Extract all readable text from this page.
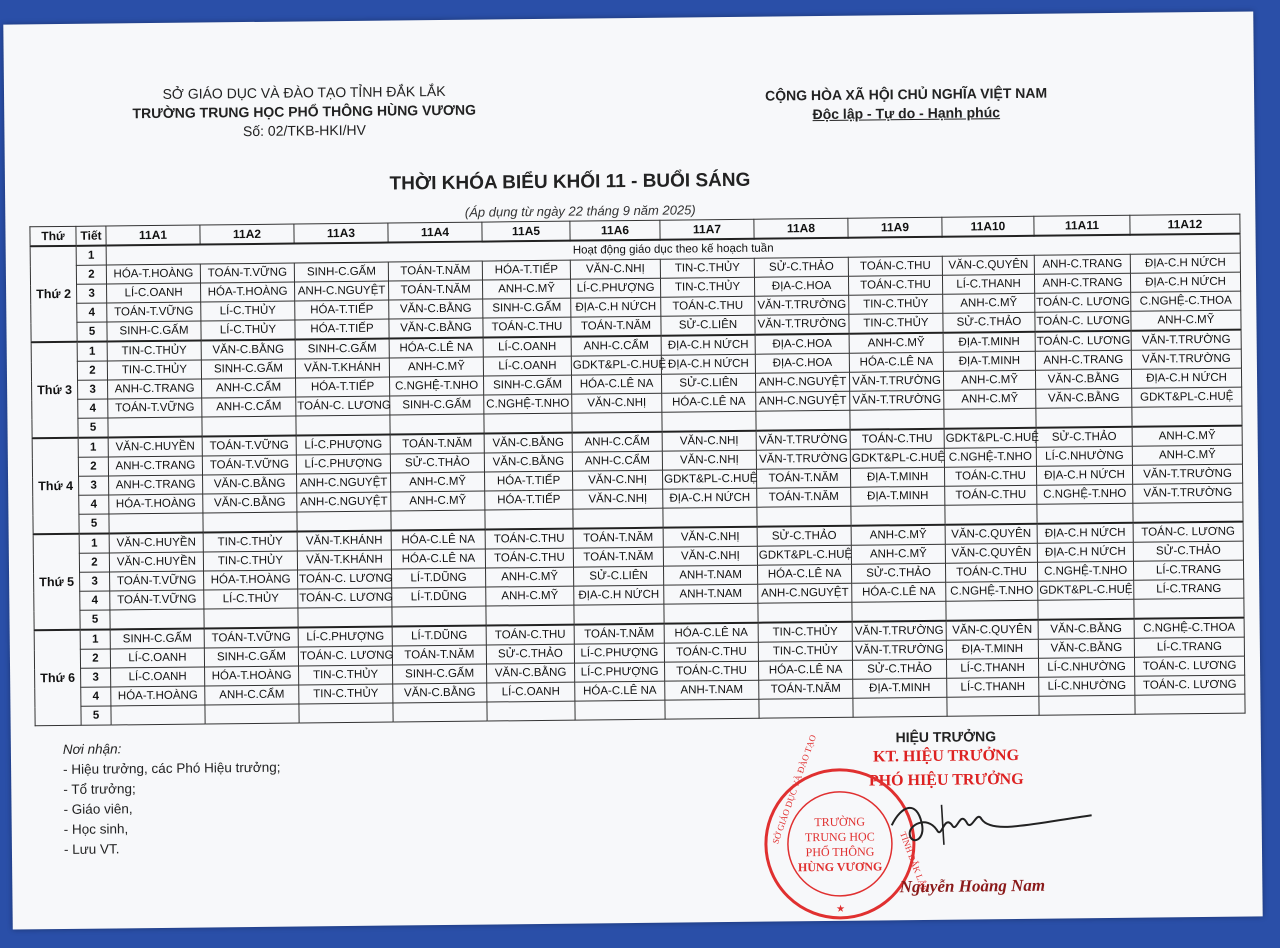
SỞ GIÁO DỤC VÀ ĐÀO TẠO TỈNH ĐẮK LẮK
TRƯỜNG TRUNG HỌC PHỔ THÔNG HÙNG VƯƠNG
Số: 02/TKB-HKI/HV
CỘNG HÒA XÃ HỘI CHỦ NGHĨA VIỆT NAM
Độc lập - Tự do - Hạnh phúc
THỜI KHÓA BIỂU KHỐI 11 - BUỔI SÁNG
(Áp dụng từ ngày 22 tháng 9 năm 2025)
Thứ	Tiết	11A1	11A2	11A3	11A4	11A5	11A6	11A7	11A8	11A9	11A10	11A11	11A12
Thứ 2	1	Hoạt động giáo dục theo kế hoạch tuần											
	2	HÓA-T.HOÀNG	TOÁN-T.VỮNG	SINH-C.GẤM	TOÁN-T.NĂM	HÓA-T.TIẾP	VĂN-C.NHỊ	TIN-C.THỦY	SỬ-C.THẢO	TOÁN-C.THU	VĂN-C.QUYÊN	ANH-C.TRANG	ĐỊA-C.H NỨCH
	3	LÍ-C.OANH	HÓA-T.HOÀNG	ANH-C.NGUYỆT	TOÁN-T.NĂM	ANH-C.MỸ	LÍ-C.PHƯỢNG	TIN-C.THỦY	ĐỊA-C.HOA	TOÁN-C.THU	LÍ-C.THANH	ANH-C.TRANG	ĐỊA-C.H NỨCH
	4	TOÁN-T.VỮNG	LÍ-C.THỦY	HÓA-T.TIẾP	VĂN-C.BẰNG	SINH-C.GẤM	ĐỊA-C.H NỨCH	TOÁN-C.THU	VĂN-T.TRƯỜNG	TIN-C.THỦY	ANH-C.MỸ	TOÁN-C. LƯƠNG	C.NGHỆ-C.THOA
	5	SINH-C.GẤM	LÍ-C.THỦY	HÓA-T.TIẾP	VĂN-C.BẰNG	TOÁN-C.THU	TOÁN-T.NĂM	SỬ-C.LIÊN	VĂN-T.TRƯỜNG	TIN-C.THỦY	SỬ-C.THẢO	TOÁN-C. LƯƠNG	ANH-C.MỸ
Thứ 3	1	TIN-C.THỦY	VĂN-C.BẰNG	SINH-C.GẤM	HÓA-C.LÊ NA	LÍ-C.OANH	ANH-C.CẨM	ĐỊA-C.H NỨCH	ĐỊA-C.HOA	ANH-C.MỸ	ĐỊA-T.MINH	TOÁN-C. LƯƠNG	VĂN-T.TRƯỜNG
	2	TIN-C.THỦY	SINH-C.GẤM	VĂN-T.KHÁNH	ANH-C.MỸ	LÍ-C.OANH	GDKT&PL-C.HUỆ	ĐỊA-C.H NỨCH	ĐỊA-C.HOA	HÓA-C.LÊ NA	ĐỊA-T.MINH	ANH-C.TRANG	VĂN-T.TRƯỜNG
	3	ANH-C.TRANG	ANH-C.CẨM	HÓA-T.TIẾP	C.NGHỆ-T.NHO	SINH-C.GẤM	HÓA-C.LÊ NA	SỬ-C.LIÊN	ANH-C.NGUYỆT	VĂN-T.TRƯỜNG	ANH-C.MỸ	VĂN-C.BẰNG	ĐỊA-C.H NỨCH
	4	TOÁN-T.VỮNG	ANH-C.CẨM	TOÁN-C. LƯƠNG	SINH-C.GẤM	C.NGHỆ-T.NHO	VĂN-C.NHỊ	HÓA-C.LÊ NA	ANH-C.NGUYỆT	VĂN-T.TRƯỜNG	ANH-C.MỸ	VĂN-C.BẰNG	GDKT&PL-C.HUỆ
	5												
Thứ 4	1	VĂN-C.HUYỀN	TOÁN-T.VỮNG	LÍ-C.PHƯỢNG	TOÁN-T.NĂM	VĂN-C.BẰNG	ANH-C.CẨM	VĂN-C.NHỊ	VĂN-T.TRƯỜNG	TOÁN-C.THU	GDKT&PL-C.HUỆ	SỬ-C.THẢO	ANH-C.MỸ
	2	ANH-C.TRANG	TOÁN-T.VỮNG	LÍ-C.PHƯỢNG	SỬ-C.THẢO	VĂN-C.BẰNG	ANH-C.CẨM	VĂN-C.NHỊ	VĂN-T.TRƯỜNG	GDKT&PL-C.HUỆ	C.NGHỆ-T.NHO	LÍ-C.NHƯỜNG	ANH-C.MỸ
	3	ANH-C.TRANG	VĂN-C.BẰNG	ANH-C.NGUYỆT	ANH-C.MỸ	HÓA-T.TIẾP	VĂN-C.NHỊ	GDKT&PL-C.HUỆ	TOÁN-T.NĂM	ĐỊA-T.MINH	TOÁN-C.THU	ĐỊA-C.H NỨCH	VĂN-T.TRƯỜNG
	4	HÓA-T.HOÀNG	VĂN-C.BẰNG	ANH-C.NGUYỆT	ANH-C.MỸ	HÓA-T.TIẾP	VĂN-C.NHỊ	ĐỊA-C.H NỨCH	TOÁN-T.NĂM	ĐỊA-T.MINH	TOÁN-C.THU	C.NGHỆ-T.NHO	VĂN-T.TRƯỜNG
	5												
Thứ 5	1	VĂN-C.HUYỀN	TIN-C.THỦY	VĂN-T.KHÁNH	HÓA-C.LÊ NA	TOÁN-C.THU	TOÁN-T.NĂM	VĂN-C.NHỊ	SỬ-C.THẢO	ANH-C.MỸ	VĂN-C.QUYÊN	ĐỊA-C.H NỨCH	TOÁN-C. LƯƠNG
	2	VĂN-C.HUYỀN	TIN-C.THỦY	VĂN-T.KHÁNH	HÓA-C.LÊ NA	TOÁN-C.THU	TOÁN-T.NĂM	VĂN-C.NHỊ	GDKT&PL-C.HUỆ	ANH-C.MỸ	VĂN-C.QUYÊN	ĐỊA-C.H NỨCH	SỬ-C.THẢO
	3	TOÁN-T.VỮNG	HÓA-T.HOÀNG	TOÁN-C. LƯƠNG	LÍ-T.DŨNG	ANH-C.MỸ	SỬ-C.LIÊN	ANH-T.NAM	HÓA-C.LÊ NA	SỬ-C.THẢO	TOÁN-C.THU	C.NGHỆ-T.NHO	LÍ-C.TRANG
	4	TOÁN-T.VỮNG	LÍ-C.THỦY	TOÁN-C. LƯƠNG	LÍ-T.DŨNG	ANH-C.MỸ	ĐỊA-C.H NỨCH	ANH-T.NAM	ANH-C.NGUYỆT	HÓA-C.LÊ NA	C.NGHỆ-T.NHO	GDKT&PL-C.HUỆ	LÍ-C.TRANG
	5												
Thứ 6	1	SINH-C.GẤM	TOÁN-T.VỮNG	LÍ-C.PHƯỢNG	LÍ-T.DŨNG	TOÁN-C.THU	TOÁN-T.NĂM	HÓA-C.LÊ NA	TIN-C.THỦY	VĂN-T.TRƯỜNG	VĂN-C.QUYÊN	VĂN-C.BẰNG	C.NGHỆ-C.THOA
	2	LÍ-C.OANH	SINH-C.GẤM	TOÁN-C. LƯƠNG	TOÁN-T.NĂM	SỬ-C.THẢO	LÍ-C.PHƯỢNG	TOÁN-C.THU	TIN-C.THỦY	VĂN-T.TRƯỜNG	ĐỊA-T.MINH	VĂN-C.BẰNG	LÍ-C.TRANG
	3	LÍ-C.OANH	HÓA-T.HOÀNG	TIN-C.THỦY	SINH-C.GẤM	VĂN-C.BẰNG	LÍ-C.PHƯỢNG	TOÁN-C.THU	HÓA-C.LÊ NA	SỬ-C.THẢO	LÍ-C.THANH	LÍ-C.NHƯỜNG	TOÁN-C. LƯƠNG
	4	HÓA-T.HOÀNG	ANH-C.CẨM	TIN-C.THỦY	VĂN-C.BẰNG	LÍ-C.OANH	HÓA-C.LÊ NA	ANH-T.NAM	TOÁN-T.NĂM	ĐỊA-T.MINH	LÍ-C.THANH	LÍ-C.NHƯỜNG	TOÁN-C. LƯƠNG
	5												
Nơi nhận:
- Hiệu trưởng, các Phó Hiệu trưởng;
- Tổ trưởng;
- Giáo viên,
- Học sinh,
- Lưu VT.
HIỆU TRƯỞNG
KT. HIỆU TRƯỞNG
PHÓ HIỆU TRƯỞNG
TRƯỜNG
TRUNG HỌC
PHỔ THÔNG
HÙNG VƯƠNG
SỞ GIÁO DỤC VÀ ĐÀO TẠO
TỈNH ĐẮK LẮK
★
Nguyễn Hoàng Nam
